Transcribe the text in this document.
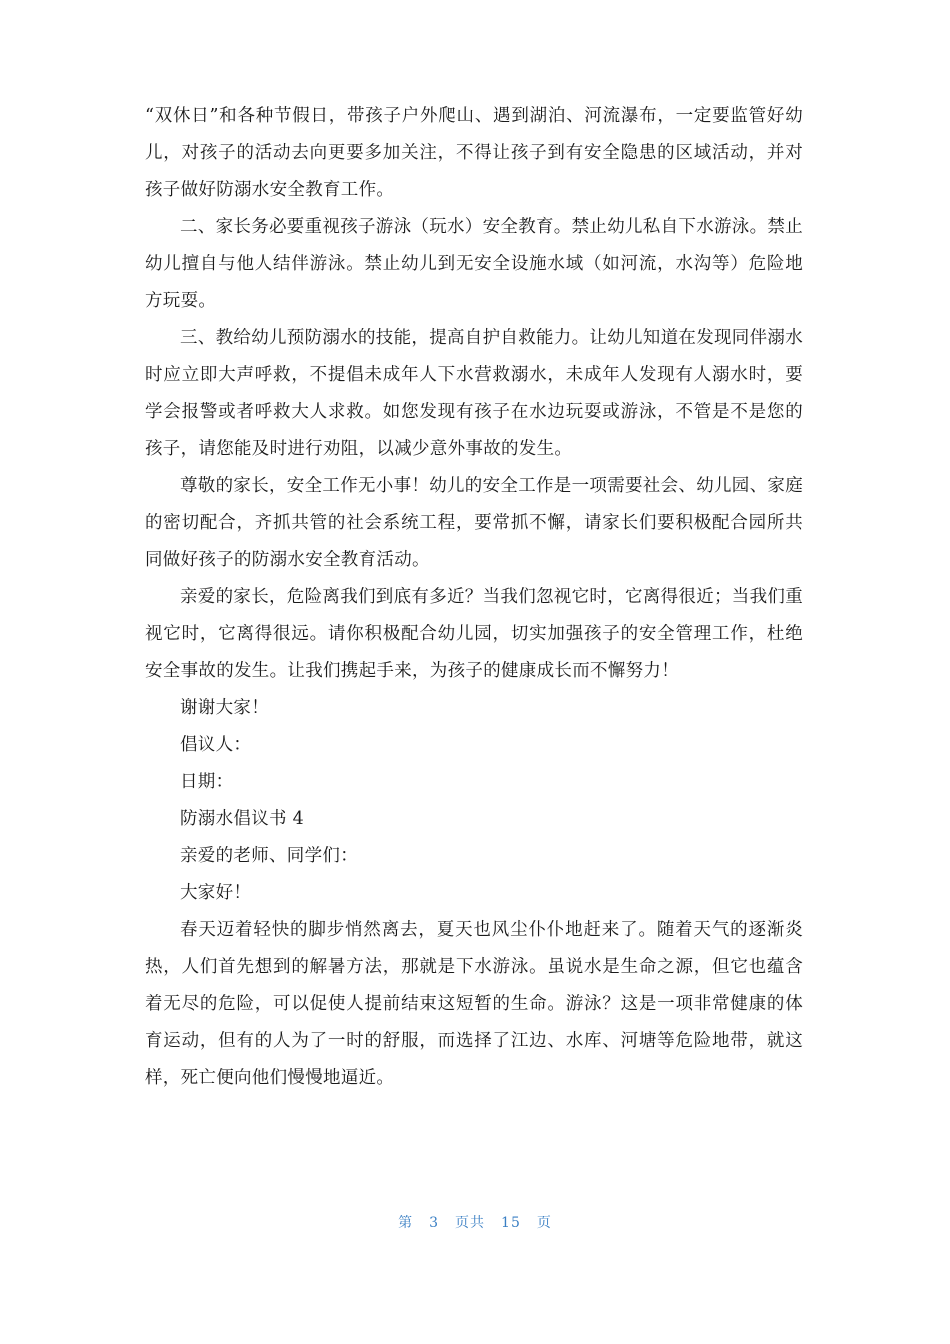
“双休日”和各种节假日，带孩子户外爬山、遇到湖泊、河流瀑布，一定要监管好幼儿，对孩子的活动去向更要多加关注，不得让孩子到有安全隐患的区域活动，并对孩子做好防溺水安全教育工作。

二、家长务必要重视孩子游泳（玩水）安全教育。禁止幼儿私自下水游泳。禁止幼儿擅自与他人结伴游泳。禁止幼儿到无安全设施水域（如河流，水沟等）危险地方玩耍。

三、教给幼儿预防溺水的技能，提高自护自救能力。让幼儿知道在发现同伴溺水时应立即大声呼救，不提倡未成年人下水营救溺水，未成年人发现有人溺水时，要学会报警或者呼救大人求救。如您发现有孩子在水边玩耍或游泳，不管是不是您的孩子，请您能及时进行劝阻，以减少意外事故的发生。

尊敬的家长，安全工作无小事！幼儿的安全工作是一项需要社会、幼儿园、家庭的密切配合，齐抓共管的社会系统工程，要常抓不懈，请家长们要积极配合园所共同做好孩子的防溺水安全教育活动。

亲爱的家长，危险离我们到底有多近？当我们忽视它时，它离得很近；当我们重视它时，它离得很远。请你积极配合幼儿园，切实加强孩子的安全管理工作，杜绝安全事故的发生。让我们携起手来，为孩子的健康成长而不懈努力！

谢谢大家！

倡议人：

日期：

防溺水倡议书 4

亲爱的老师、同学们：

大家好！

春天迈着轻快的脚步悄然离去，夏天也风尘仆仆地赶来了。随着天气的逐渐炎热，人们首先想到的解暑方法，那就是下水游泳。虽说水是生命之源，但它也蕴含着无尽的危险，可以促使人提前结束这短暂的生命。游泳？这是一项非常健康的体育运动，但有的人为了一时的舒服，而选择了江边、水库、河塘等危险地带，就这样，死亡便向他们慢慢地逼近。

第 3 页共 15 页
